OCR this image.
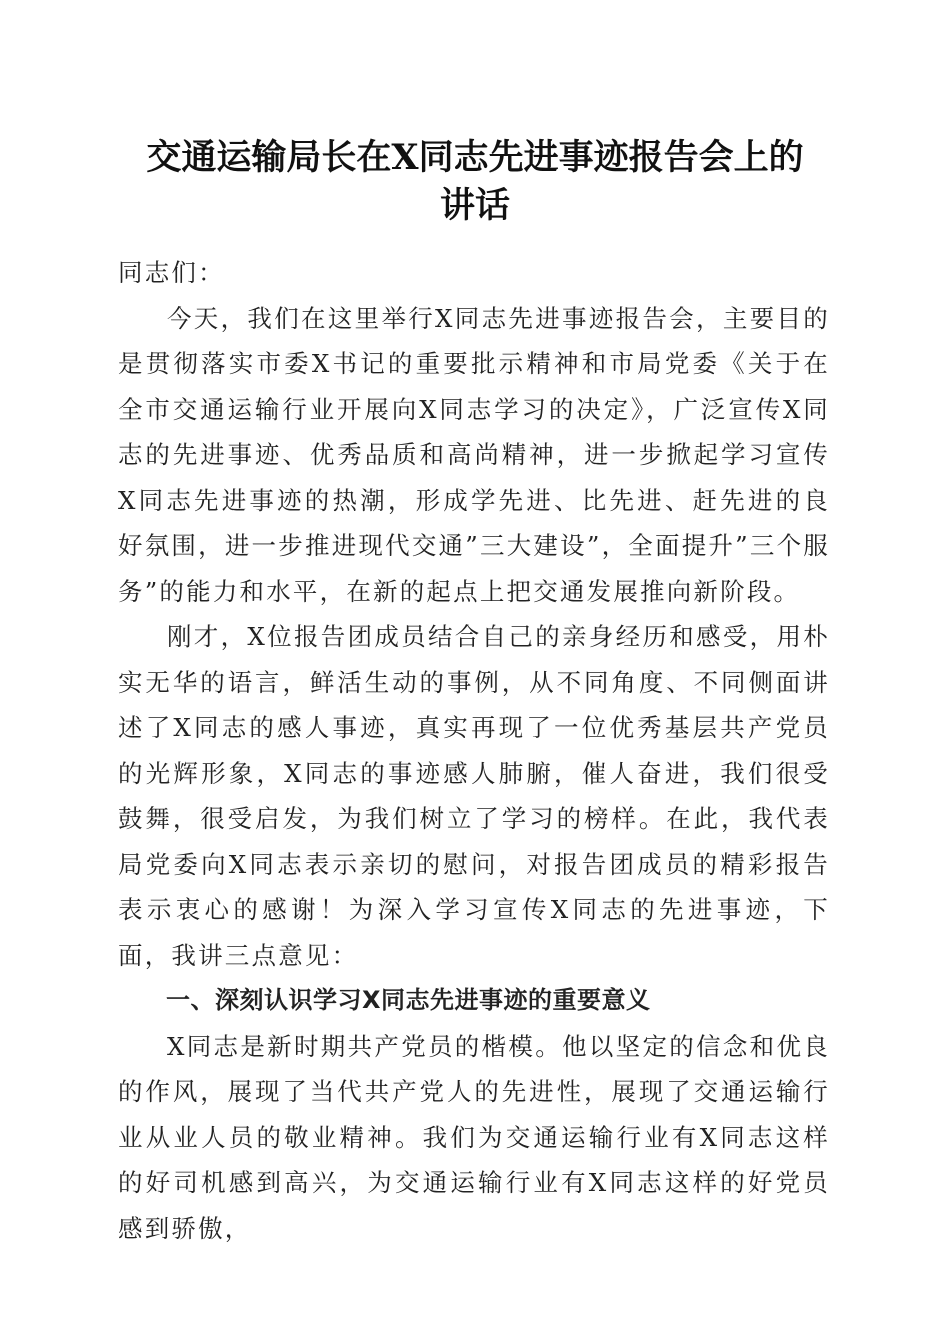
交通运输局长在X同志先进事迹报告会上的
讲话

同志们：

今天，我们在这里举行X同志先进事迹报告会，主要目的是贯彻落实市委X书记的重要批示精神和市局党委《关于在全市交通运输行业开展向X同志学习的决定》，广泛宣传X同志的先进事迹、优秀品质和高尚精神，进一步掀起学习宣传X同志先进事迹的热潮，形成学先进、比先进、赶先进的良好氛围，进一步推进现代交通”三大建设”，全面提升”三个服务”的能力和水平，在新的起点上把交通发展推向新阶段。

刚才，X位报告团成员结合自己的亲身经历和感受，用朴实无华的语言，鲜活生动的事例，从不同角度、不同侧面讲述了X同志的感人事迹，真实再现了一位优秀基层共产党员的光辉形象，X同志的事迹感人肺腑，催人奋进，我们很受鼓舞，很受启发，为我们树立了学习的榜样。在此，我代表局党委向X同志表示亲切的慰问，对报告团成员的精彩报告表示衷心的感谢！为深入学习宣传X同志的先进事迹，下面，我讲三点意见：

一、深刻认识学习X同志先进事迹的重要意义

X同志是新时期共产党员的楷模。他以坚定的信念和优良的作风，展现了当代共产党人的先进性，展现了交通运输行业从业人员的敬业精神。我们为交通运输行业有X同志这样的好司机感到高兴，为交通运输行业有X同志这样的好党员感到骄傲，
